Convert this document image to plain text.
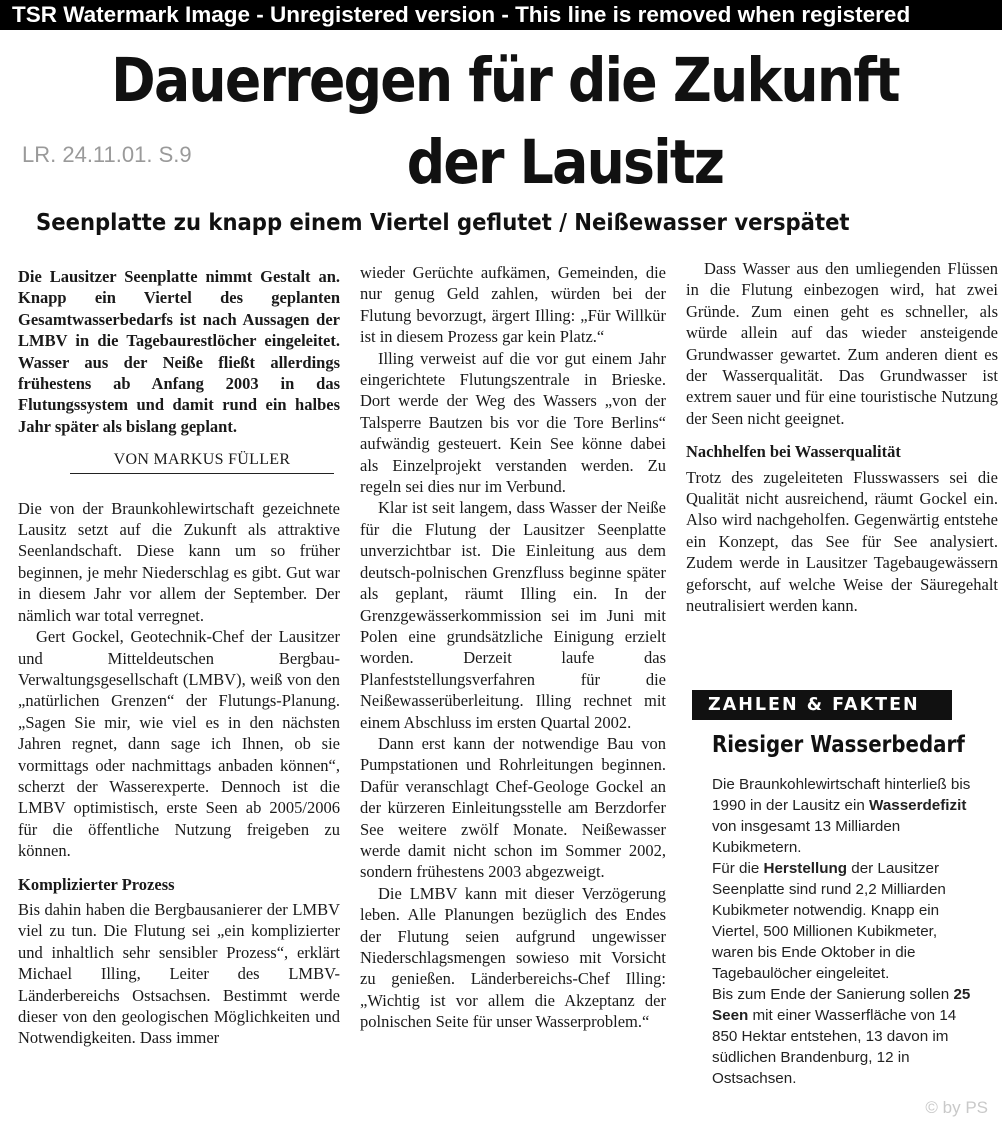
TSR Watermark Image - Unregistered version - This line is removed when registered
Dauerregen für die Zukunft
der Lausitz
LR. 24.11.01. S.9
Seenplatte zu knapp einem Viertel geflutet / Neißewasser verspätet

Die Lausitzer Seenplatte nimmt Gestalt an. Knapp ein Viertel des geplanten Gesamtwasserbedarfs ist nach Aussagen der LMBV in die Tagebaurestlöcher eingeleitet. Wasser aus der Neiße fließt allerdings frühestens ab Anfang 2003 in das Flutungssystem und damit rund ein halbes Jahr später als bislang geplant.

VON MARKUS FÜLLER

Die von der Braunkohlewirtschaft gezeichnete Lausitz setzt auf die Zukunft als attraktive Seenlandschaft. Diese kann um so früher beginnen, je mehr Niederschlag es gibt. Gut war in diesem Jahr vor allem der September. Der nämlich war total verregnet.

Gert Gockel, Geotechnik-Chef der Lausitzer und Mitteldeutschen Bergbau-Verwaltungsgesellschaft (LMBV), weiß von den „natürlichen Grenzen“ der Flutungs-Planung. „Sagen Sie mir, wie viel es in den nächsten Jahren regnet, dann sage ich Ihnen, ob sie vormittags oder nachmittags anbaden können“, scherzt der Wasserexperte. Dennoch ist die LMBV optimistisch, erste Seen ab 2005/2006 für die öffentliche Nutzung freigeben zu können.

Komplizierter Prozess

Bis dahin haben die Bergbausanierer der LMBV viel zu tun. Die Flutung sei „ein komplizierter und inhaltlich sehr sensibler Prozess“, erklärt Michael Illing, Leiter des LMBV-Länderbereichs Ostsachsen. Bestimmt werde dieser von den geologischen Möglichkeiten und Notwendigkeiten. Dass immer

wieder Gerüchte aufkämen, Gemeinden, die nur genug Geld zahlen, würden bei der Flutung bevorzugt, ärgert Illing: „Für Willkür ist in diesem Prozess gar kein Platz.“

Illing verweist auf die vor gut einem Jahr eingerichtete Flutungszentrale in Brieske. Dort werde der Weg des Wassers „von der Talsperre Bautzen bis vor die Tore Berlins“ aufwändig gesteuert. Kein See könne dabei als Einzelprojekt verstanden werden. Zu regeln sei dies nur im Verbund.

Klar ist seit langem, dass Wasser der Neiße für die Flutung der Lausitzer Seenplatte unverzichtbar ist. Die Einleitung aus dem deutsch-polnischen Grenzfluss beginne später als geplant, räumt Illing ein. In der Grenzgewässerkommission sei im Juni mit Polen eine grundsätzliche Einigung erzielt worden. Derzeit laufe das Planfeststellungsverfahren für die Neißewasserüberleitung. Illing rechnet mit einem Abschluss im ersten Quartal 2002.

Dann erst kann der notwendige Bau von Pumpstationen und Rohrleitungen beginnen. Dafür veranschlagt Chef-Geologe Gockel an der kürzeren Einleitungsstelle am Berzdorfer See weitere zwölf Monate. Neißewasser werde damit nicht schon im Sommer 2002, sondern frühestens 2003 abgezweigt.

Die LMBV kann mit dieser Verzögerung leben. Alle Planungen bezüglich des Endes der Flutung seien aufgrund ungewisser Niederschlagsmengen sowieso mit Vorsicht zu genießen. Länderbereichs-Chef Illing: „Wichtig ist vor allem die Akzeptanz der polnischen Seite für unser Wasserproblem.“

Dass Wasser aus den umliegenden Flüssen in die Flutung einbezogen wird, hat zwei Gründe. Zum einen geht es schneller, als würde allein auf das wieder ansteigende Grundwasser gewartet. Zum anderen dient es der Wasserqualität. Das Grundwasser ist extrem sauer und für eine touristische Nutzung der Seen nicht geeignet.

Nachhelfen bei Wasserqualität

Trotz des zugeleiteten Flusswassers sei die Qualität nicht ausreichend, räumt Gockel ein. Also wird nachgeholfen. Gegenwärtig entstehe ein Konzept, das See für See analysiert. Zudem werde in Lausitzer Tagebaugewässern geforscht, auf welche Weise der Säuregehalt neutralisiert werden kann.

ZAHLEN & FAKTEN
Riesiger Wasserbedarf

Die Braunkohlewirtschaft hinterließ bis 1990 in der Lausitz ein Wasserdefizit von insgesamt 13 Milliarden Kubikmetern.

Für die Herstellung der Lausitzer Seenplatte sind rund 2,2 Milliarden Kubikmeter notwendig. Knapp ein Viertel, 500 Millionen Kubikmeter, waren bis Ende Oktober in die Tagebaulöcher eingeleitet.

Bis zum Ende der Sanierung sollen 25 Seen mit einer Wasserfläche von 14 850 Hektar entstehen, 13 davon im südlichen Brandenburg, 12 in Ostsachsen.

© by PS
